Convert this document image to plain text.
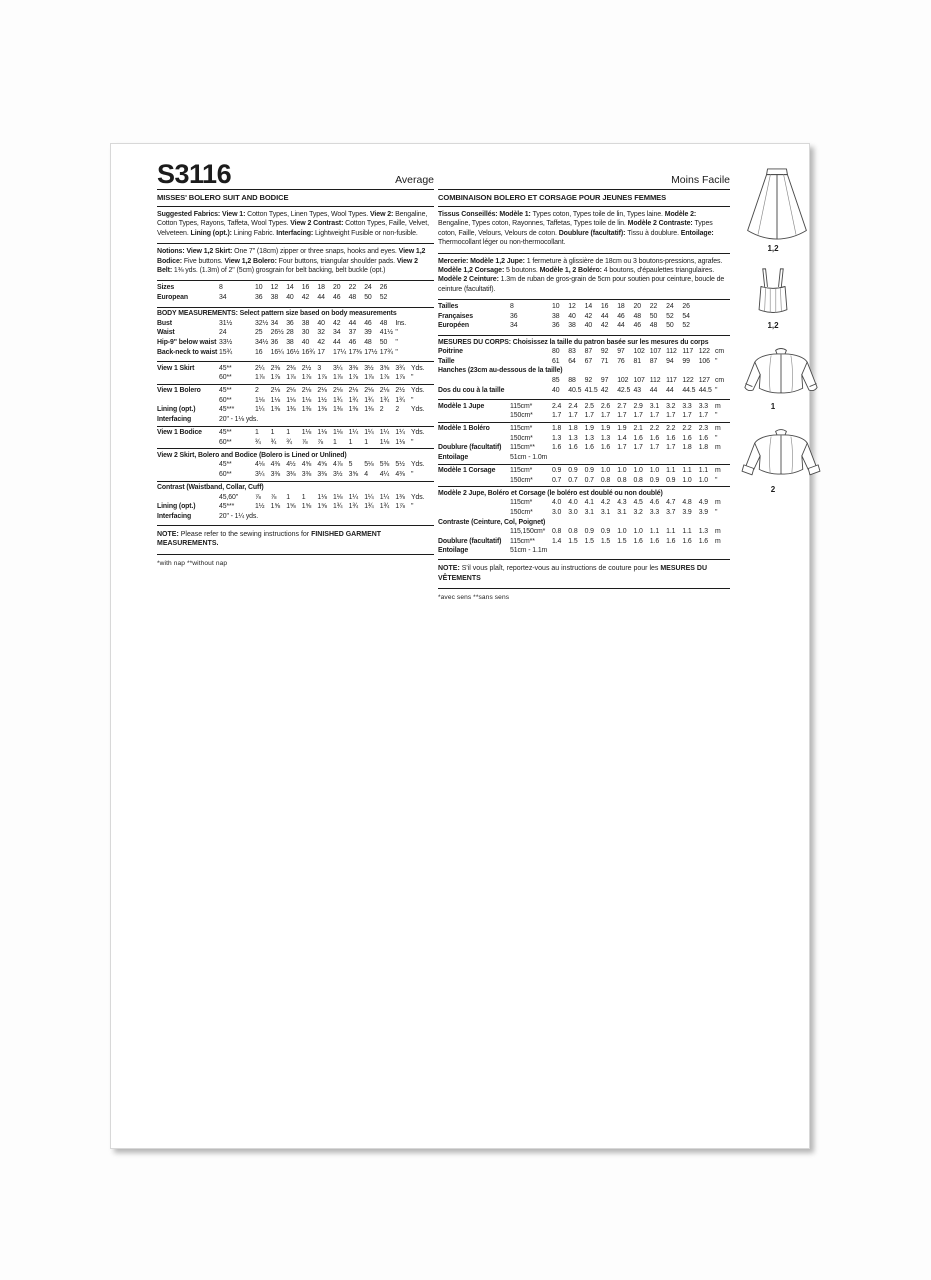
S3116	Average
MISSES' BOLERO SUIT AND BODICE
Suggested Fabrics: View 1: Cotton Types, Linen Types, Wool Types. View 2: Bengaline, Cotton Types, Rayons, Taffeta, Wool Types. View 2 Contrast: Cotton Types, Faille, Velvet, Velveteen. Lining (opt.): Lining Fabric. Interfacing: Lightweight Fusible or non-fusible.
Notions: View 1,2 Skirt: One 7" (18cm) zipper or three snaps, hooks and eyes. View 1,2 Bodice: Five buttons. View 1,2 Bolero: Four buttons, triangular shoulder pads. View 2 Belt: 1⅜ yds. (1.3m) of 2" (5cm) grosgrain for belt backing, belt buckle (opt.)
Sizes	8	10	12	14	16	18	20	22	24	26
European	34	36	38	40	42	44	46	48	50	52
BODY MEASUREMENTS: Select pattern size based on body measurements
Bust	31½	32½ 34	36	38	40	42	44	46	48	Ins.
Waist	24	25	26½ 28	30	32	34	37	39	41½ "
Hip-9" below waist 33½	34½ 36	38	40	42	44	46	48	50	"
Back-neck to waist 15¾	16	16¼ 16½ 16¾ 17	17¼ 17⅜ 17½ 17¾ "
View 1 Skirt	45**	2¼ 2⅜ 2⅜ 2½ 3	3¼ 3⅜ 3½ 3⅝ 3¾ Yds.
60**	1⅞ 1⅞ 1⅞ 1⅞ 1⅞ 1⅞ 1⅞ 1⅞ 1⅞ 1⅞ "
View 1 Bolero	45**	2	2⅛ 2⅛ 2⅛ 2⅛ 2⅛ 2⅛ 2⅛ 2⅛ 2½ Yds.
60**	1⅛ 1⅛ 1⅛ 1⅛ 1½ 1¾ 1¾ 1¾ 1¾ 1¾ "
Lining (opt.)	45***	1¼ 1⅜ 1⅜ 1⅜ 1⅜ 1⅜ 1⅜ 1⅜ 2	2	Yds.
Interfacing	20" - 1⅛ yds.
View 1 Bodice	45**	1	1	1	1⅛ 1⅛ 1⅛ 1¼ 1¼ 1¼ 1¼ Yds.
60**	¾	¾	¾	⅞	⅞	1	1	1	1⅛ 1⅛ "
View 2 Skirt, Bolero and Bodice (Bolero is Lined or Unlined)
45**	4⅛ 4⅜ 4½ 4⅝ 4⅝ 4⅞ 5	5⅛ 5⅜ 5½ Yds.
60**	3¼ 3⅜ 3⅜ 3⅜ 3⅜ 3½ 3⅝ 4	4¼ 4⅜ "
Contrast (Waistband, Collar, Cuff)
45,60"	⅞	⅞	1	1	1⅛ 1⅛ 1¼ 1¼ 1¼ 1⅜ Yds.
Lining (opt.)	45***	1½ 1⅝ 1⅝ 1⅝ 1⅝ 1¾ 1¾ 1¾ 1¾ 1⅞ "
Interfacing	20" - 1¼ yds.
NOTE: Please refer to the sewing instructions for FINISHED GARMENT MEASUREMENTS.
*with nap **without nap
Moins Facile
COMBINAISON BOLERO ET CORSAGE POUR JEUNES FEMMES
Tissus Conseillés: Modèle 1: Types coton, Types toile de lin, Types laine. Modèle 2: Bengaline, Types coton, Rayonnes, Taffetas, Types toile de lin. Modèle 2 Contraste: Types coton, Faille, Velours, Velours de coton. Doublure (facultatif): Tissu à doublure. Entoilage: Thermocollant léger ou non-thermocollant.
Mercerie: Modèle 1,2 Jupe: 1 fermeture à glissière de 18cm ou 3 boutons-pressions, agrafes. Modèle 1,2 Corsage: 5 boutons. Modèle 1, 2 Boléro: 4 boutons, d'épaulettes triangulaires. Modèle 2 Ceinture: 1.3m de ruban de gros-grain de 5cm pour soutien pour ceinture, boucle de ceinture (facultatif).
Tailles	8	10	12	14	16	18	20	22	24	26
Françaises	36	38	40	42	44	46	48	50	52	54
Européen	34	36	38	40	42	44	46	48	50	52
MESURES DU CORPS: Choisissez la taille du patron basée sur les mesures du corps
Poitrine	80	83	87	92	97	102 107 112 117 122 cm
Taille	61	64	67	71	76	81	87	94	99	106 "
Hanches (23cm au-dessous de la taille)
85	88	92	97	102 107 112 117 122 127 cm
Dos du cou à la taille	40	40.5 41.5 42	42.5 43	44	44	44.5 44.5 "
Modèle 1 Jupe	115cm*	2.4	2.4	2.5	2.6	2.7	2.9	3.1	3.2	3.3	3.3	m
150cm*	1.7	1.7	1.7	1.7	1.7	1.7	1.7	1.7	1.7	1.7	"
Modèle 1 Boléro	115cm*	1.8	1.8	1.9	1.9	1.9	2.1	2.2	2.2	2.2	2.3	m
150cm*	1.3	1.3	1.3	1.3	1.4	1.6	1.6	1.6	1.6	1.6	"
Doublure (facultatif)	115cm**	1.6	1.6	1.6	1.6	1.7	1.7	1.7	1.7	1.8	1.8	m
Entoilage	51cm - 1.0m
Modèle 1 Corsage	115cm*	0.9	0.9	0.9	1.0	1.0	1.0	1.0	1.1	1.1	1.1	m
150cm*	0.7	0.7	0.7	0.8	0.8	0.8	0.9	0.9	1.0	1.0	"
Modèle 2 Jupe, Boléro et Corsage (le boléro est doublé ou non doublé)
115cm*	4.0	4.0	4.1	4.2	4.3	4.5	4.6	4.7	4.8	4.9	m
150cm*	3.0	3.0	3.1	3.1	3.1	3.2	3.3	3.7	3.9	3.9	"
Contraste (Ceinture, Col, Poignet)
115,150cm* 0.8	0.8	0.9	0.9	1.0	1.0	1.1	1.1	1.1	1.3	m
Doublure (facultatif)	115cm**	1.4	1.5	1.5	1.5	1.5	1.6	1.6	1.6	1.6	1.6	m
Entoilage	51cm - 1.1m
NOTE: S'il vous plaît, reportez-vous au instructions de couture pour les MESURES DU VÊTEMENTS
*avec sens **sans sens
1,2
1,2
1
2
